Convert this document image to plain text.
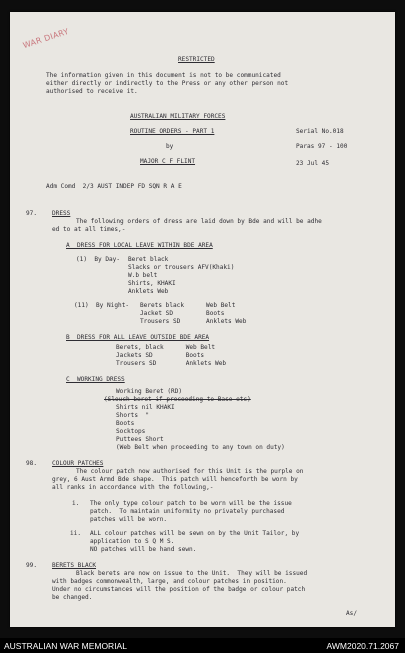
WAR DIARY
RESTRICTED
The information given in this document is not to be communicated
either directly or indirectly to the Press or any other person not
authorised to receive it.
AUSTRALIAN MILITARY FORCES
ROUTINE ORDERS - PART 1	Serial No.018
by	Paras 97 - 100
MAJOR C F FLINT	23 Jul 45
Adm Comd  2/3 AUST INDEP FD SQN R A E
97. DRESS
The following orders of dress are laid down by Bde and will be adhe
ed to at all times,-
A  DRESS FOR LOCAL LEAVE WITHIN BDE AREA
(1)  By Day- Beret black
Slacks or trousers AFV(Khaki)
W.b belt
Shirts, KHAKI
Anklets Web
(11)  By Night- Berets black      Web Belt
Jacket SD         Boots
Trousers SD       Anklets Web
B  DRESS FOR ALL LEAVE OUTSIDE BDE AREA
Berets, black      Web Belt
Jackets SD         Boots
Trousers SD        Anklets Web
C  WORKING DRESS
Working Beret (RD)
(Slouch beret if proceeding to Base etc)
Shirts nil KHAKI
Shorts  "
Boots
Socktops
Puttees Short
(Web Belt when proceeding to any town on duty)
98. COLOUR PATCHES
The colour patch now authorised for this Unit is the purple on
grey, 6 Aust Armd Bde shape.  This patch will henceforth be worn by
all ranks in accordance with the following,-
i. The only type colour patch to be worn will be the issue
patch.  To maintain uniformity no privately purchased
patches will be worn.
ii. ALL colour patches will be sewn on by the Unit Tailor, by
application to S Q M S.
NO patches will be hand sewn.
99. BERETS BLACK
Black berets are now on issue to the Unit.  They will be issued
with badges commonwealth, large, and colour patches in position.
Under no circumstances will the position of the badge or colour patch
be changed.
As/
AUSTRALIAN WAR MEMORIAL	AWM2020.71.2067
